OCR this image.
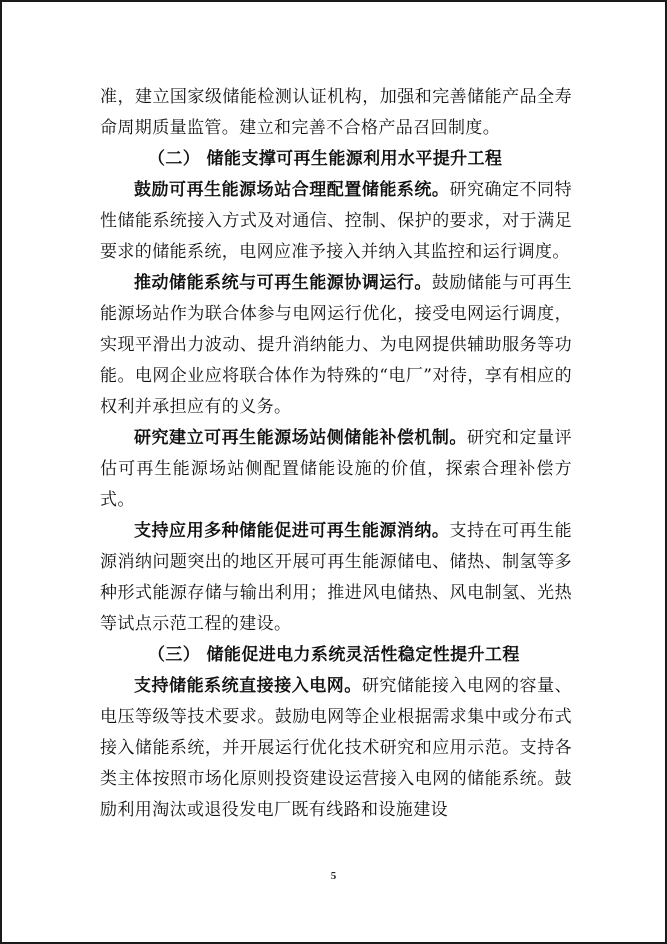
准，建立国家级储能检测认证机构，加强和完善储能产品全寿命周期质量监管。建立和完善不合格产品召回制度。

（二） 储能支撑可再生能源利用水平提升工程

鼓励可再生能源场站合理配置储能系统。研究确定不同特性储能系统接入方式及对通信、控制、保护的要求，对于满足要求的储能系统，电网应准予接入并纳入其监控和运行调度。

推动储能系统与可再生能源协调运行。鼓励储能与可再生能源场站作为联合体参与电网运行优化，接受电网运行调度，实现平滑出力波动、提升消纳能力、为电网提供辅助服务等功能。电网企业应将联合体作为特殊的“电厂”对待，享有相应的权利并承担应有的义务。

研究建立可再生能源场站侧储能补偿机制。研究和定量评估可再生能源场站侧配置储能设施的价值，探索合理补偿方式。

支持应用多种储能促进可再生能源消纳。支持在可再生能源消纳问题突出的地区开展可再生能源储电、储热、制氢等多种形式能源存储与输出利用；推进风电储热、风电制氢、光热等试点示范工程的建设。

（三） 储能促进电力系统灵活性稳定性提升工程

支持储能系统直接接入电网。研究储能接入电网的容量、电压等级等技术要求。鼓励电网等企业根据需求集中或分布式接入储能系统，并开展运行优化技术研究和应用示范。支持各类主体按照市场化原则投资建设运营接入电网的储能系统。鼓励利用淘汰或退役发电厂既有线路和设施建设

5
